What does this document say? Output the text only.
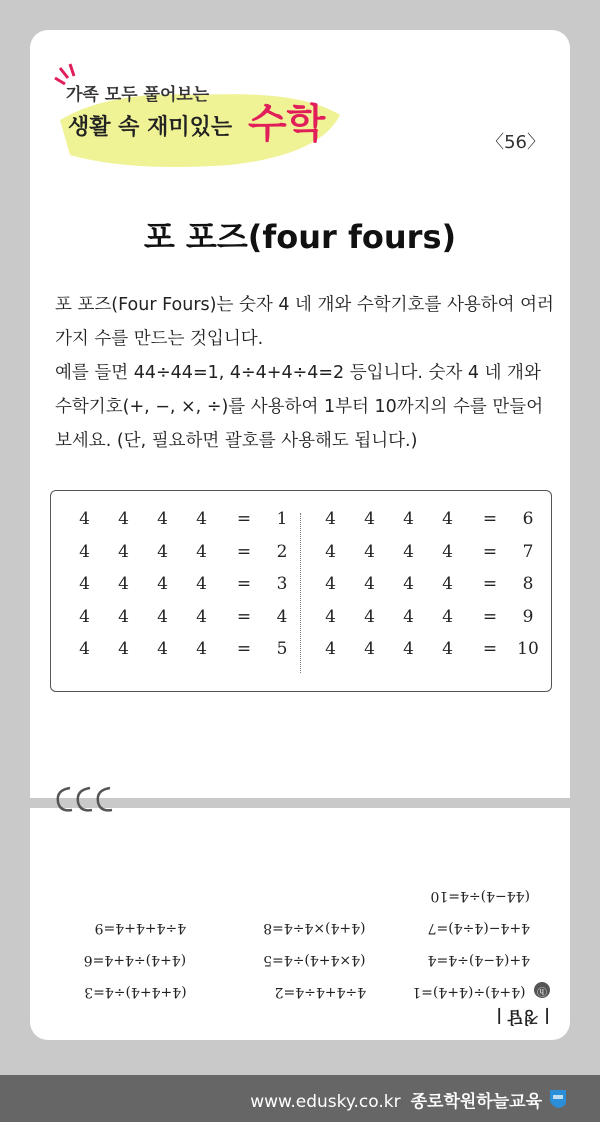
가족 모두 풀어보는
생활 속 재미있는 수학	〈56〉
포 포즈(four fours)

포 포즈(Four Fours)는 숫자 4 네 개와 수학기호를 사용하여 여러 가지 수를 만드는 것입니다.

예를 들면 44÷44=1, 4÷4+4÷4=2 등입니다. 숫자 4 네 개와 수학기호(+, −, ×, ÷)를 사용하여 1부터 10까지의 수를 만들어 보세요. (단, 필요하면 괄호를 사용해도 됩니다.)

4	4	4	4	=	1
4	4	4	4	=	2
4	4	4	4	=	3
4	4	4	4	=	4
4	4	4	4	=	5
4	4	4	4	=	6
4	4	4	4	=	7
4	4	4	4	=	8
4	4	4	4	=	9
4	4	4	4	=	10
| 정답 |
ⓗ (4+4)÷(4+4)=1 4÷4+4÷4=2 (4+4+4)÷4=3
4+(4−4)÷4=4 (4×4+4)÷4=5 (4+4)÷4+4=6
4+4−(4÷4)=7 (4+4)×4÷4=8 4÷4+4+4=9
(44−4)÷4=10
www.edusky.co.kr 종로학원하늘교육
